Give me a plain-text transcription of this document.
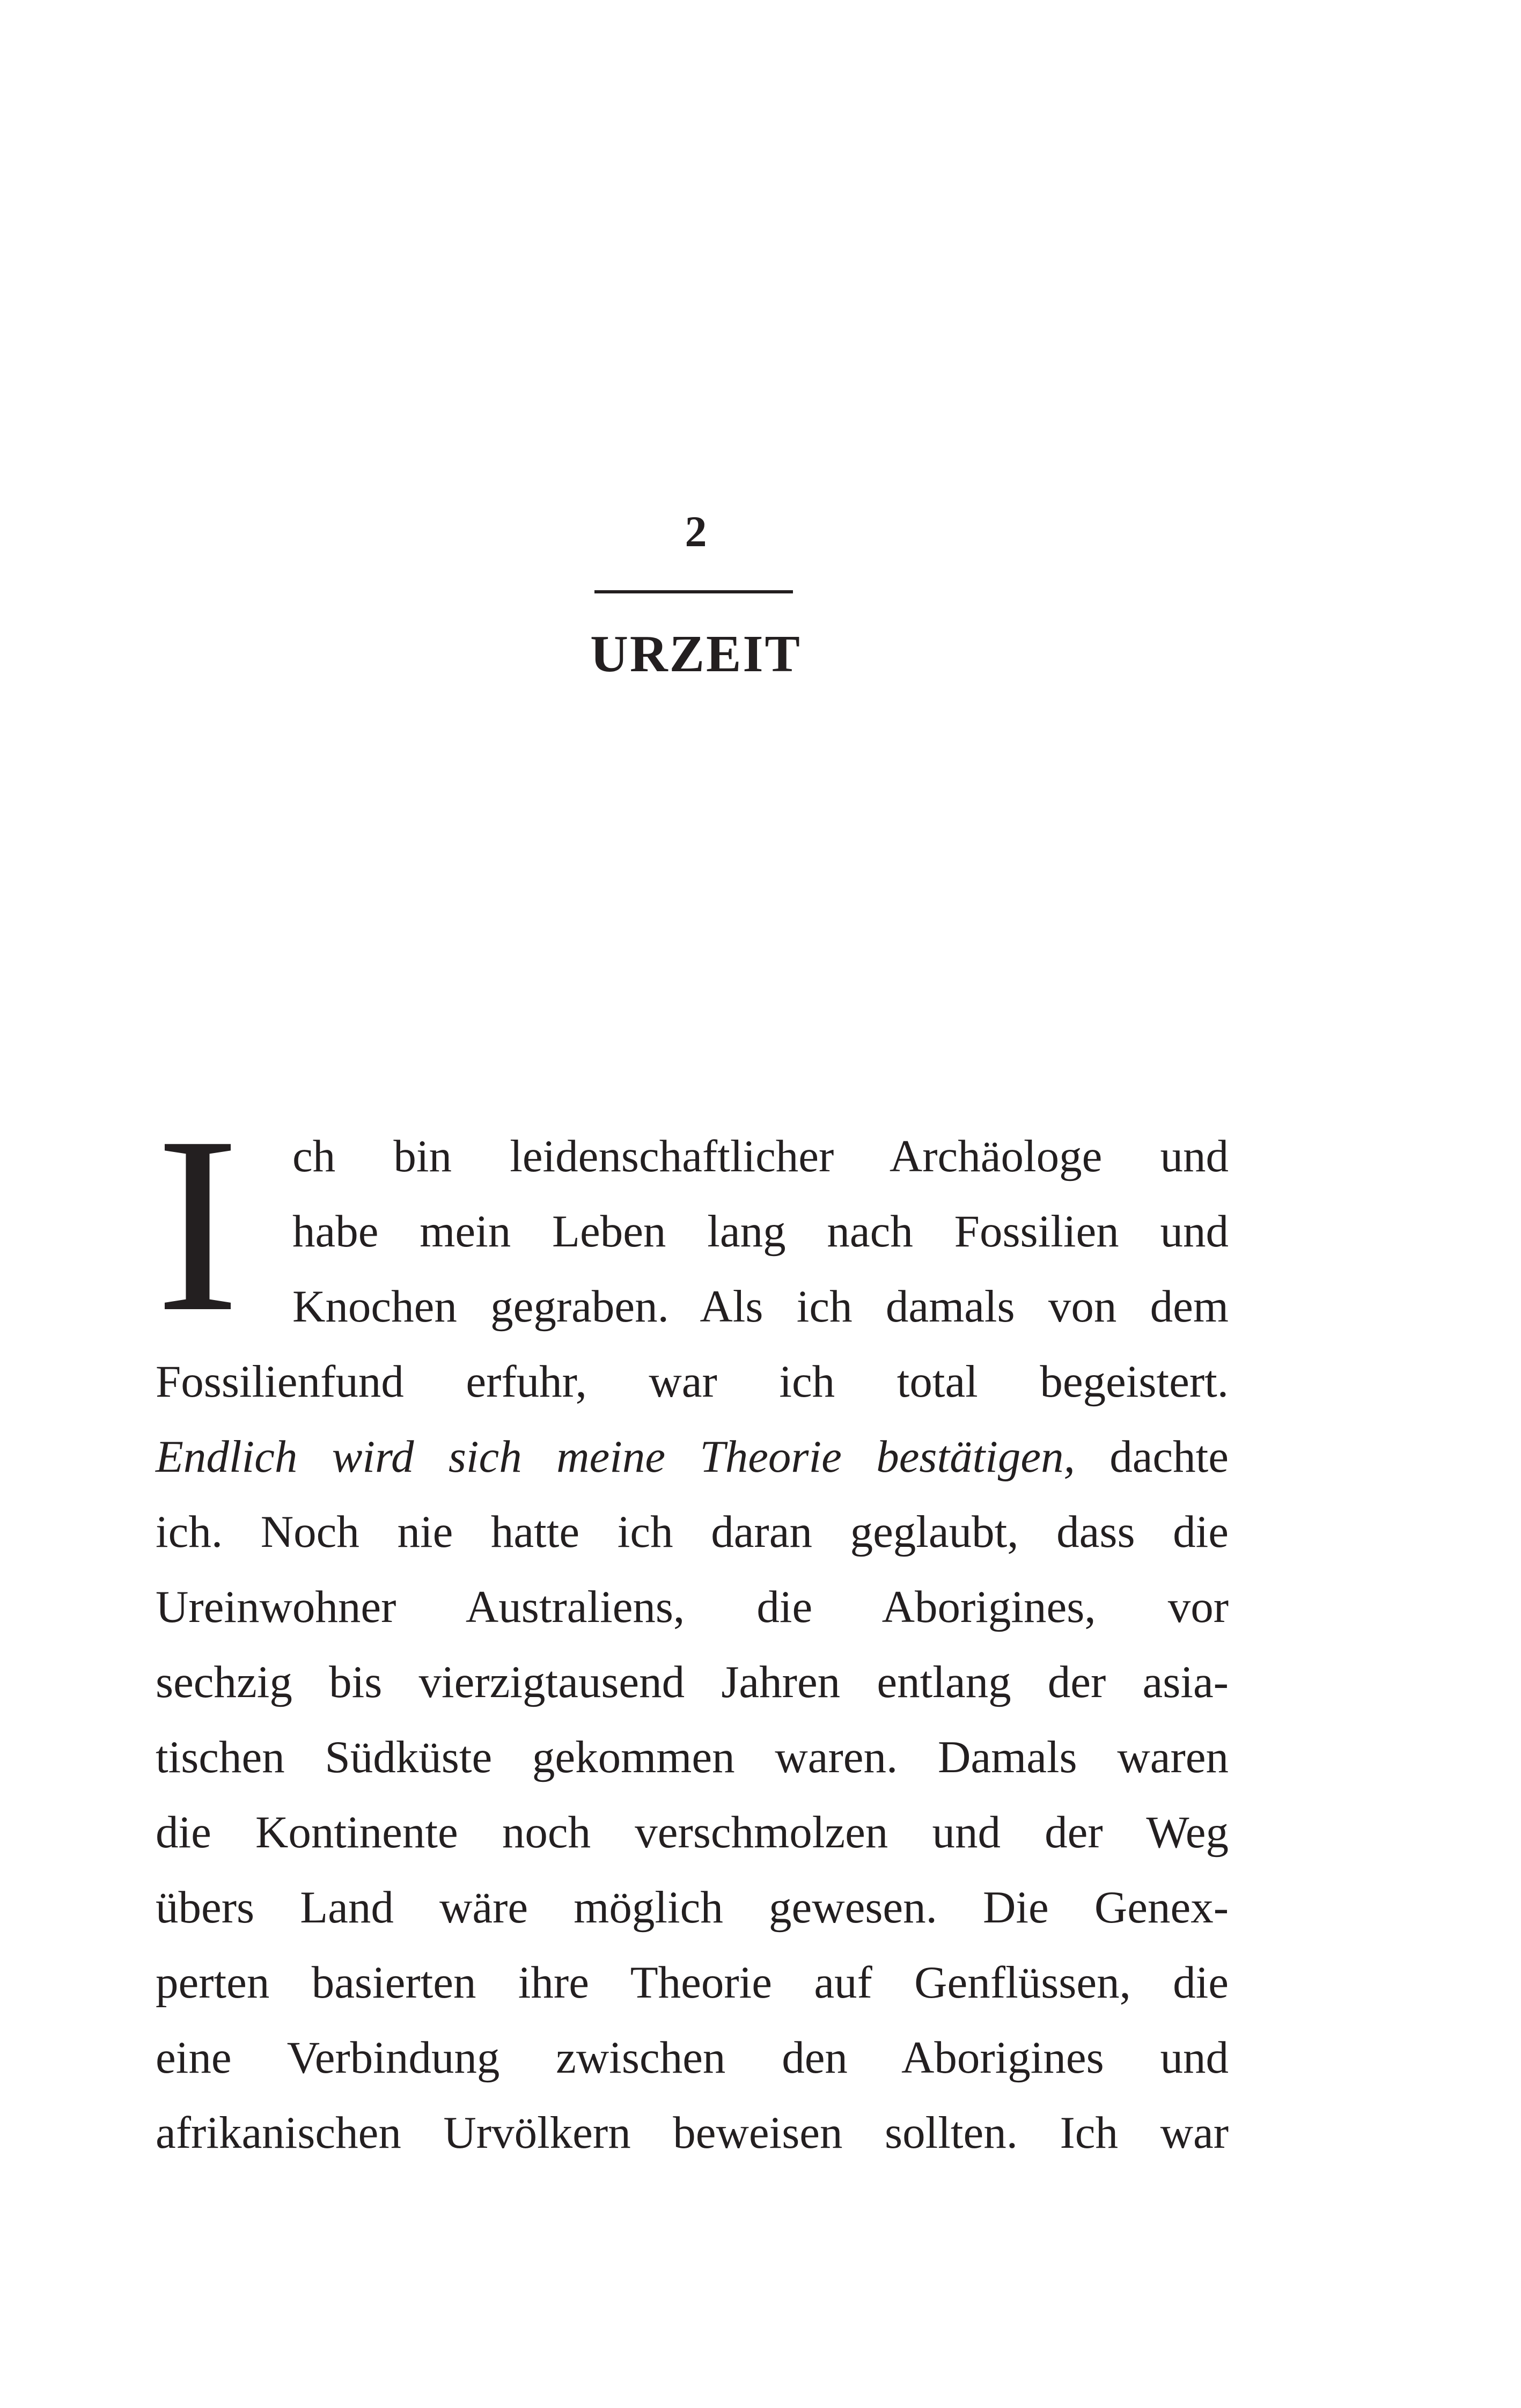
2
URZEIT
I	ch bin leidenschaftlicher Archäologe und
habe mein Leben lang nach Fossilien und
Knochen gegraben. Als ich damals von dem
Fossilienfund erfuhr, war ich total begeistert.
Endlich wird sich meine Theorie bestätigen, dachte
ich. Noch nie hatte ich daran geglaubt, dass die
Ureinwohner Australiens, die Aborigines, vor
sechzig bis vierzigtausend Jahren entlang der asia-
tischen Südküste gekommen waren. Damals waren
die Kontinente noch verschmolzen und der Weg
übers Land wäre möglich gewesen. Die Genex-
perten basierten ihre Theorie auf Genflüssen, die
eine Verbindung zwischen den Aborigines und
afrikanischen Urvölkern beweisen sollten. Ich war
